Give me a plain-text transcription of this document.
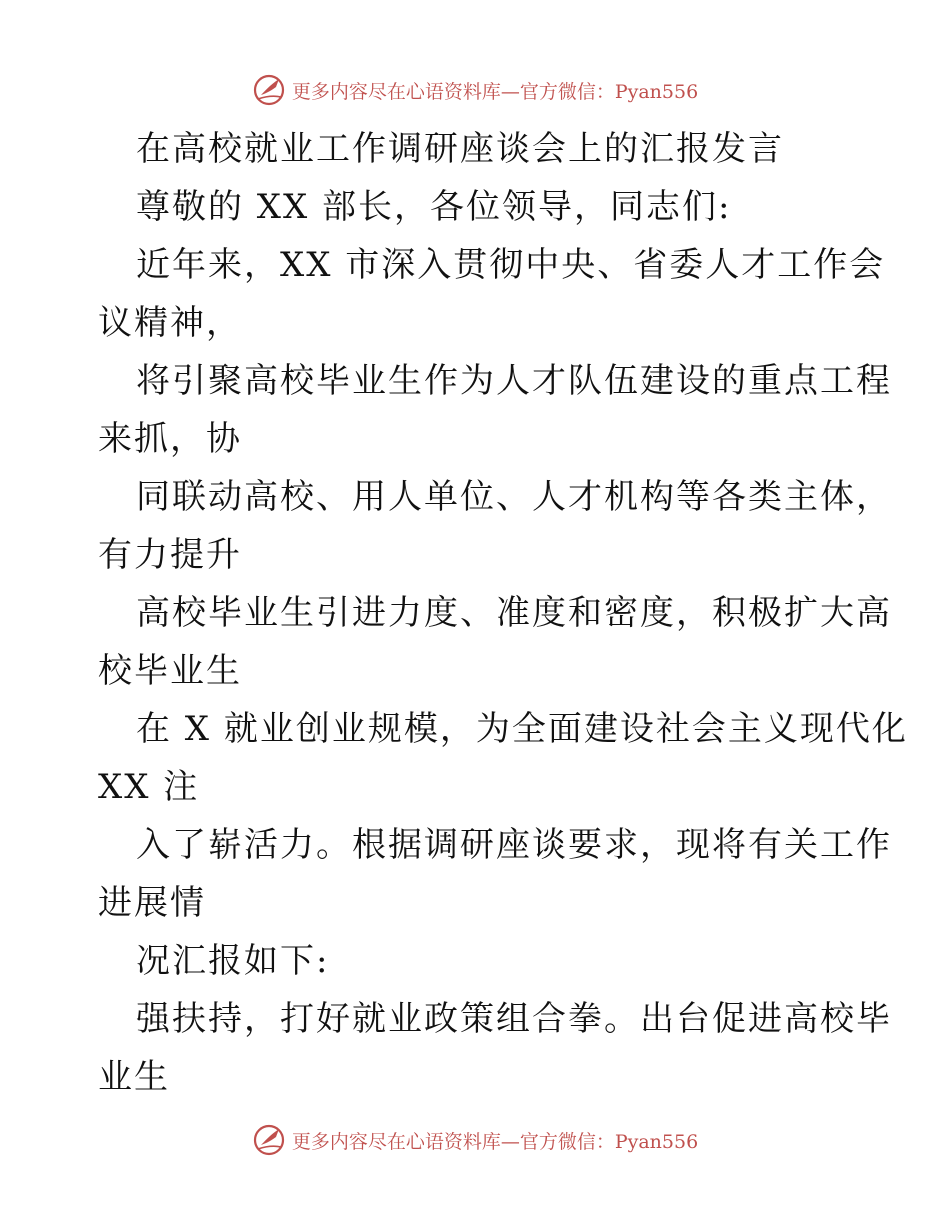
更多内容尽在心语资料库—官方微信：Pyan556
在高校就业工作调研座谈会上的汇报发言
尊敬的 XX 部长，各位领导，同志们:
近年来，XX 市深入贯彻中央、省委人才工作会
议精神，
将引聚高校毕业生作为人才队伍建设的重点工程
来抓，协
同联动高校、用人单位、人才机构等各类主体，
有力提升
高校毕业生引进力度、准度和密度，积极扩大高
校毕业生
在 X 就业创业规模，为全面建设社会主义现代化
XX 注
入了崭活力。根据调研座谈要求，现将有关工作
进展情
况汇报如下:
强扶持，打好就业政策组合拳。出台促进高校毕
业生
更多内容尽在心语资料库—官方微信：Pyan556
